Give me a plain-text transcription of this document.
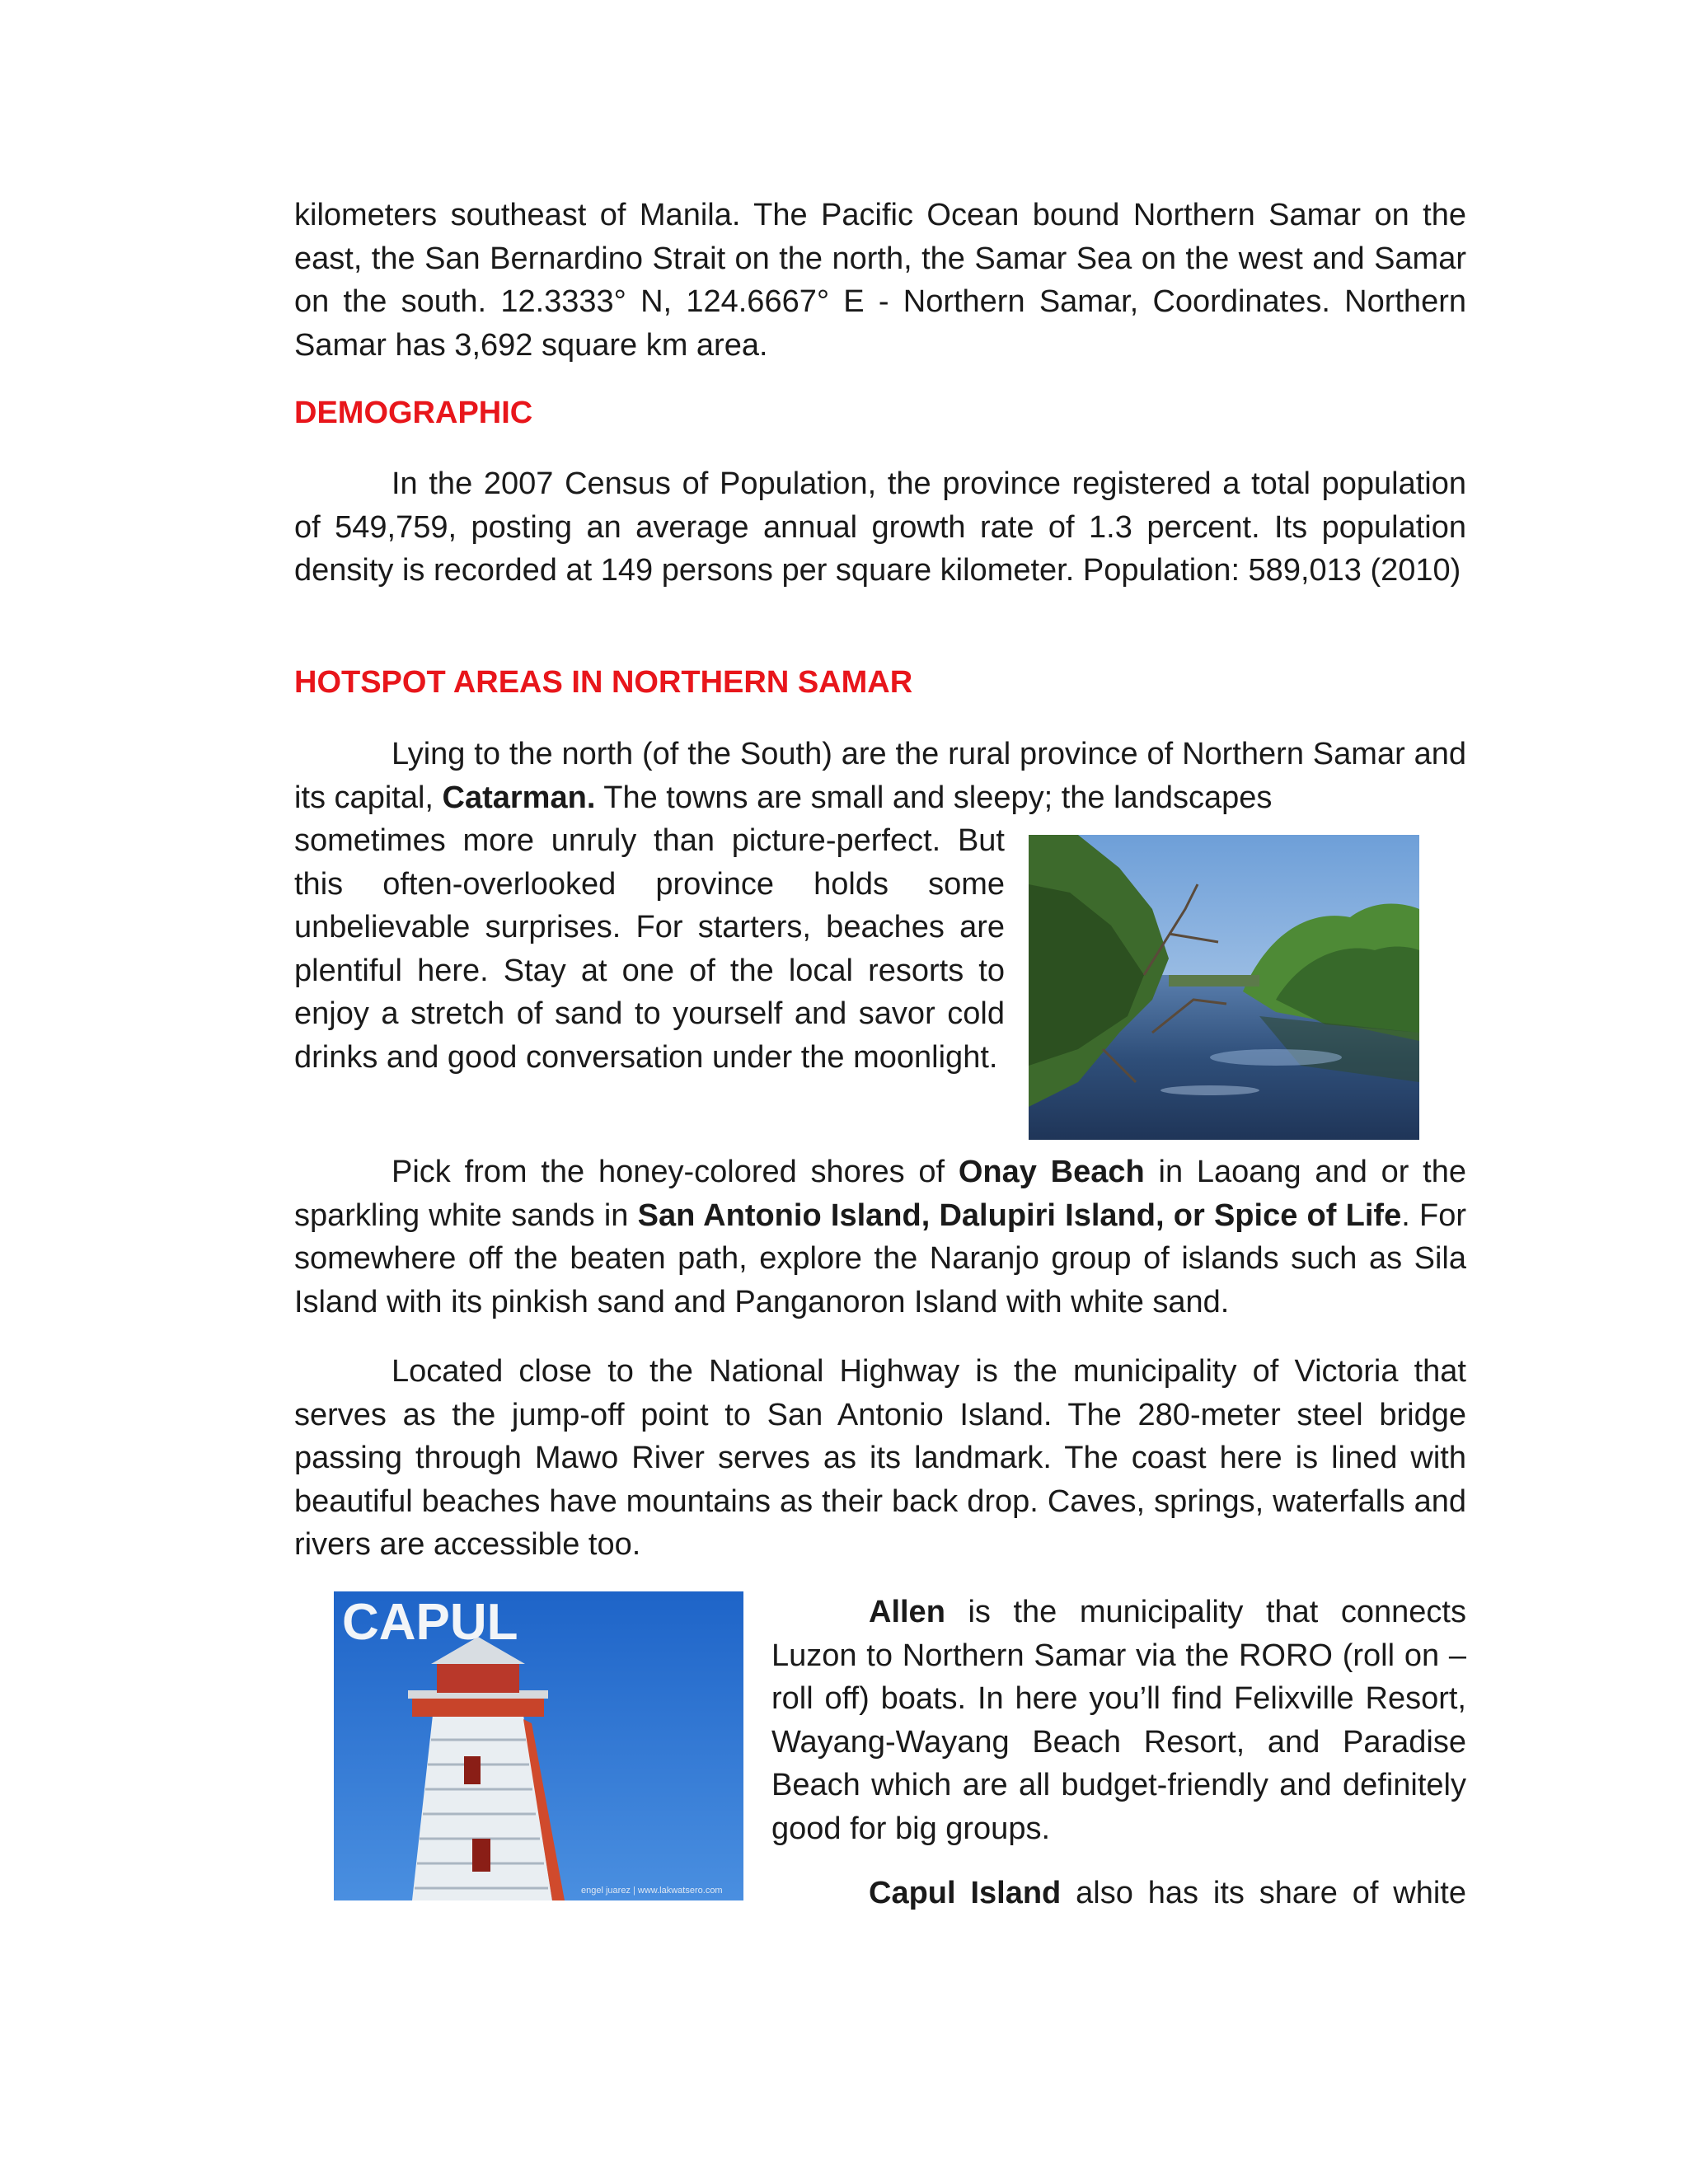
kilometers southeast of Manila. The Pacific Ocean bound Northern Samar on the east, the San Bernardino Strait on the north, the Samar Sea on the west and Samar on the south. 12.3333° N, 124.6667° E - Northern Samar, Coordinates. Northern Samar has 3,692 square km area.

DEMOGRAPHIC

In the 2007 Census of Population, the province registered a total population of 549,759, posting an average annual growth rate of 1.3 percent. Its population density is recorded at 149 persons per square kilometer. Population: 589,013 (2010)

HOTSPOT AREAS IN NORTHERN SAMAR

Lying to the north (of the South) are the rural province of Northern Samar and its capital, Catarman. The towns are small and sleepy; the landscapes

sometimes more unruly than picture-perfect. But this often-overlooked province holds some unbelievable surprises. For starters, beaches are plentiful here. Stay at one of the local resorts to enjoy a stretch of sand to yourself and savor cold drinks and good conversation under the moonlight.

Pick from the honey-colored shores of Onay Beach in Laoang and or the sparkling white sands in San Antonio Island, Dalupiri Island, or Spice of Life. For somewhere off the beaten path, explore the Naranjo group of islands such as Sila Island with its pinkish sand and Panganoron Island with white sand.

Located close to the National Highway is the municipality of Victoria that serves as the jump-off point to San Antonio Island. The 280-meter steel bridge passing through Mawo River serves as its landmark. The coast here is lined with beautiful beaches have mountains as their back drop. Caves, springs, waterfalls and rivers are accessible too.

CAPUL
engel juarez | www.lakwatsero.com

Allen is the municipality that connects Luzon to Northern Samar via the RORO (roll on – roll off) boats. In here you’ll find Felixville Resort, Wayang-Wayang Beach Resort, and Paradise Beach which are all budget-friendly and definitely good for big groups.

Capul Island also has its share of white
